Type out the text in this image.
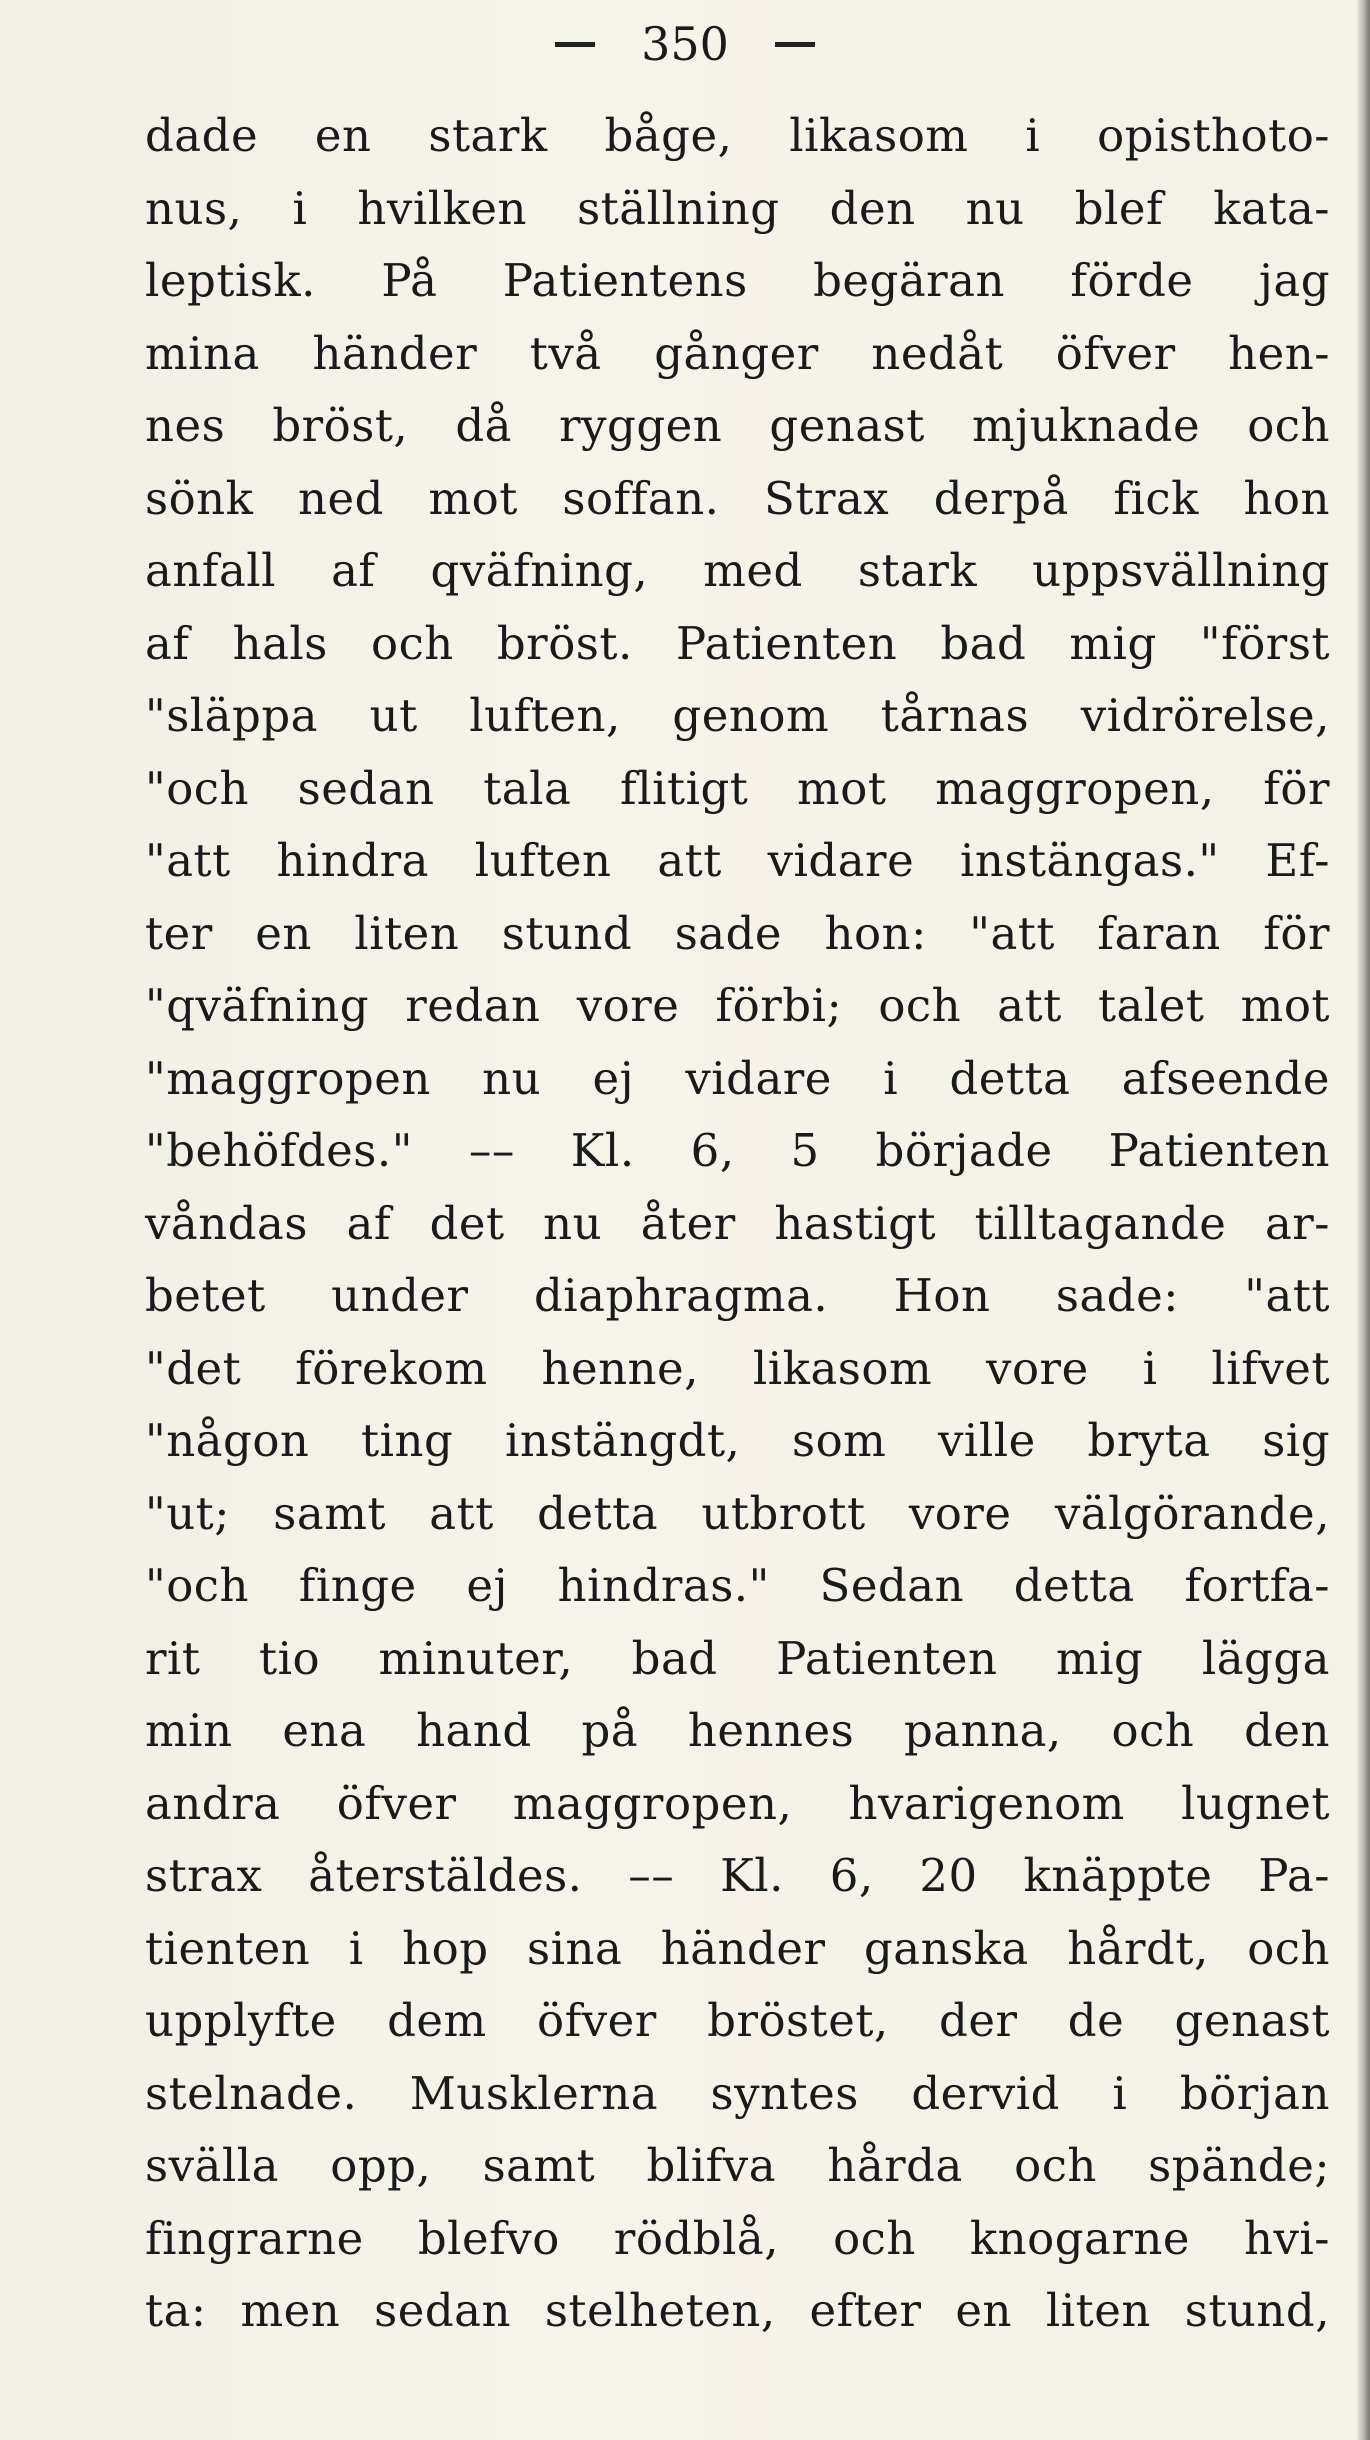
350
dade en stark båge, likasom i opisthoto-
nus, i hvilken ställning den nu blef kata-
leptisk. På Patientens begäran förde jag
mina händer två gånger nedåt öfver hen-
nes bröst, då ryggen genast mjuknade och
sönk ned mot soffan. Strax derpå fick hon
anfall af qväfning, med stark uppsvällning
af hals och bröst. Patienten bad mig "först
"släppa ut luften, genom tårnas vidrörelse,
"och sedan tala flitigt mot maggropen, för
"att hindra luften att vidare instängas." Ef-
ter en liten stund sade hon: "att faran för
"qväfning redan vore förbi; och att talet mot
"maggropen nu ej vidare i detta afseende
"behöfdes." –– Kl. 6, 5 började Patienten
våndas af det nu åter hastigt tilltagande ar-
betet under diaphragma. Hon sade: "att
"det förekom henne, likasom vore i lifvet
"någon ting instängdt, som ville bryta sig
"ut; samt att detta utbrott vore välgörande,
"och finge ej hindras." Sedan detta fortfa-
rit tio minuter, bad Patienten mig lägga
min ena hand på hennes panna, och den
andra öfver maggropen, hvarigenom lugnet
strax återstäldes. –– Kl. 6, 20 knäppte Pa-
tienten i hop sina händer ganska hårdt, och
upplyfte dem öfver bröstet, der de genast
stelnade. Musklerna syntes dervid i början
svälla opp, samt blifva hårda och spände;
fingrarne blefvo rödblå, och knogarne hvi-
ta: men sedan stelheten, efter en liten stund,
